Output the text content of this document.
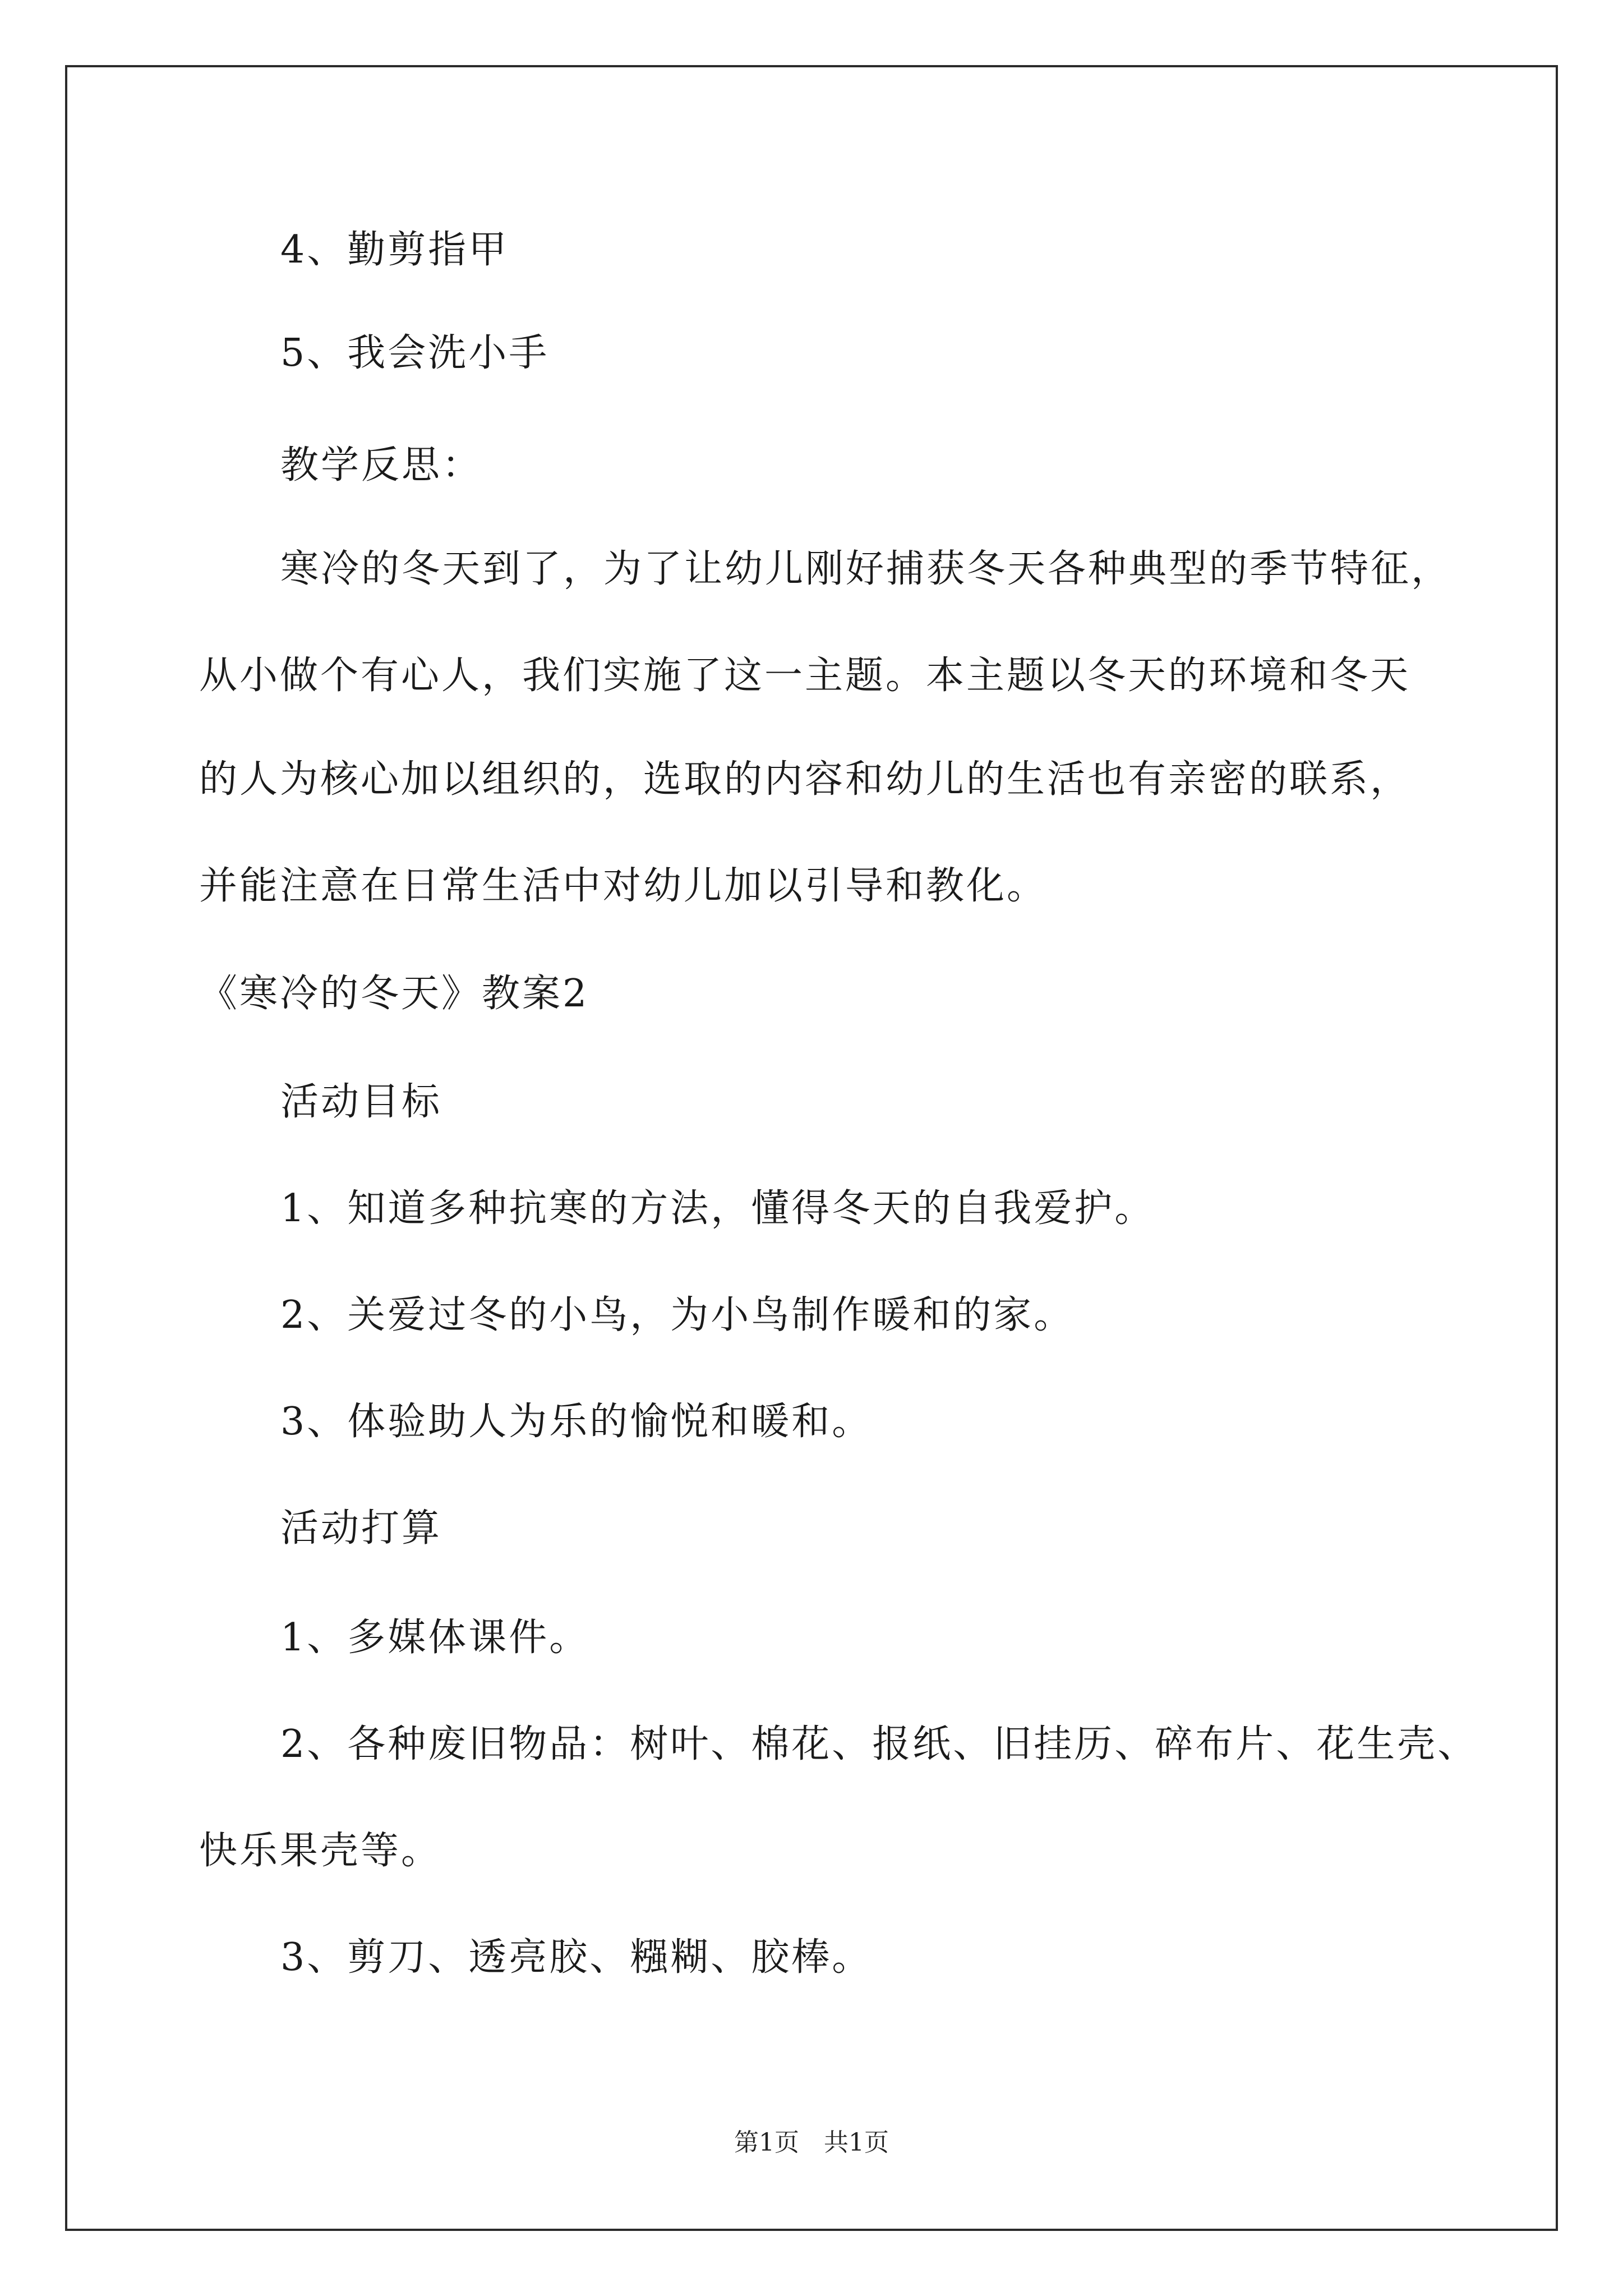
4、勤剪指甲
5、我会洗小手
教学反思：
寒冷的冬天到了，为了让幼儿刚好捕获冬天各种典型的季节特征，
从小做个有心人，我们实施了这一主题。本主题以冬天的环境和冬天
的人为核心加以组织的，选取的内容和幼儿的生活也有亲密的联系，
并能注意在日常生活中对幼儿加以引导和教化。
《寒冷的冬天》教案2
活动目标
1、知道多种抗寒的方法，懂得冬天的自我爱护。
2、关爱过冬的小鸟，为小鸟制作暖和的家。
3、体验助人为乐的愉悦和暖和。
活动打算
1、多媒体课件。
2、各种废旧物品：树叶、棉花、报纸、旧挂历、碎布片、花生壳、
快乐果壳等。
3、剪刀、透亮胶、糨糊、胶棒。
第1页 共1页
